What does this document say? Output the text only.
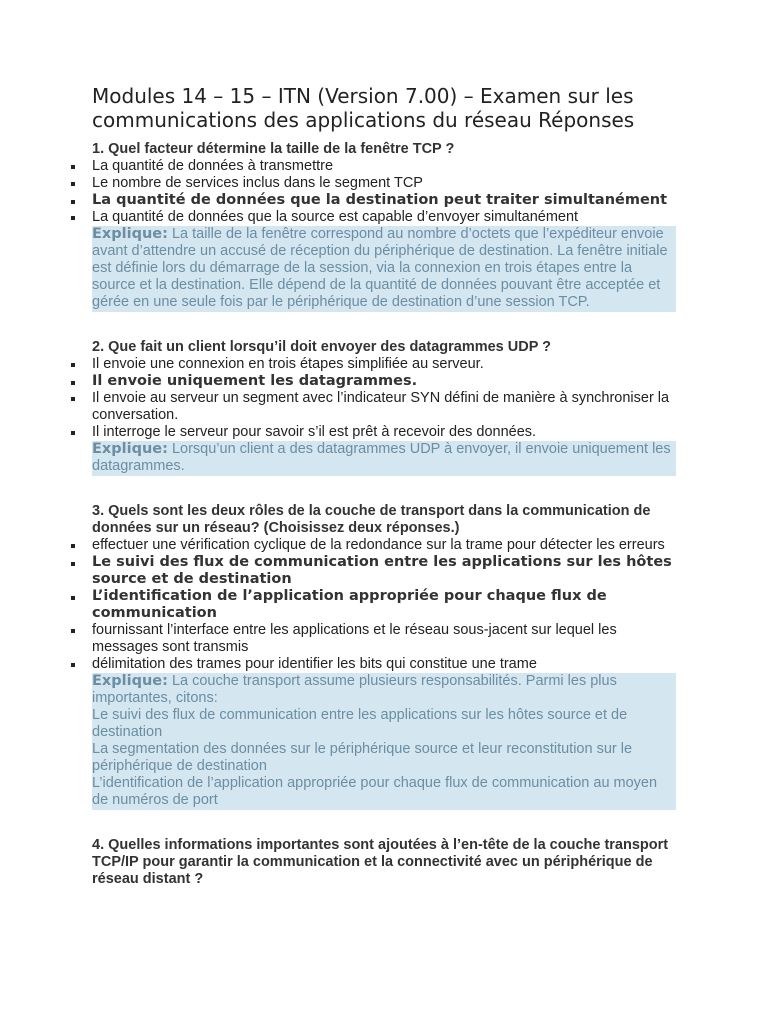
Modules 14 – 15 – ITN (Version 7.00) – Examen sur les communications des applications du réseau Réponses

1. Quel facteur détermine la taille de la fenêtre TCP ?

La quantité de données à transmettre
Le nombre de services inclus dans le segment TCP
La quantité de données que la destination peut traiter simultanément
La quantité de données que la source est capable d’envoyer simultanément

Explique: La taille de la fenêtre correspond au nombre d’octets que l’expéditeur envoie avant d’attendre un accusé de réception du périphérique de destination. La fenêtre initiale est définie lors du démarrage de la session, via la connexion en trois étapes entre la source et la destination. Elle dépend de la quantité de données pouvant être acceptée et gérée en une seule fois par le périphérique de destination d’une session TCP.

2. Que fait un client lorsqu’il doit envoyer des datagrammes UDP ?

Il envoie une connexion en trois étapes simplifiée au serveur.
Il envoie uniquement les datagrammes.
Il envoie au serveur un segment avec l’indicateur SYN défini de manière à synchroniser la conversation.
Il interroge le serveur pour savoir s’il est prêt à recevoir des données.

Explique: Lorsqu’un client a des datagrammes UDP à envoyer, il envoie uniquement les datagrammes.

3. Quels sont les deux rôles de la couche de transport dans la communication de données sur un réseau? (Choisissez deux réponses.)

effectuer une vérification cyclique de la redondance sur la trame pour détecter les erreurs
Le suivi des flux de communication entre les applications sur les hôtes source et de destination
L’identification de l’application appropriée pour chaque flux de communication
fournissant l’interface entre les applications et le réseau sous-jacent sur lequel les messages sont transmis
délimitation des trames pour identifier les bits qui constitue une trame

Explique: La couche transport assume plusieurs responsabilités. Parmi les plus importantes, citons:

Le suivi des flux de communication entre les applications sur les hôtes source et de destination

La segmentation des données sur le périphérique source et leur reconstitution sur le périphérique de destination

L’identification de l’application appropriée pour chaque flux de communication au moyen de numéros de port

4. Quelles informations importantes sont ajoutées à l’en-tête de la couche transport TCP/IP pour garantir la communication et la connectivité avec un périphérique de réseau distant ?
